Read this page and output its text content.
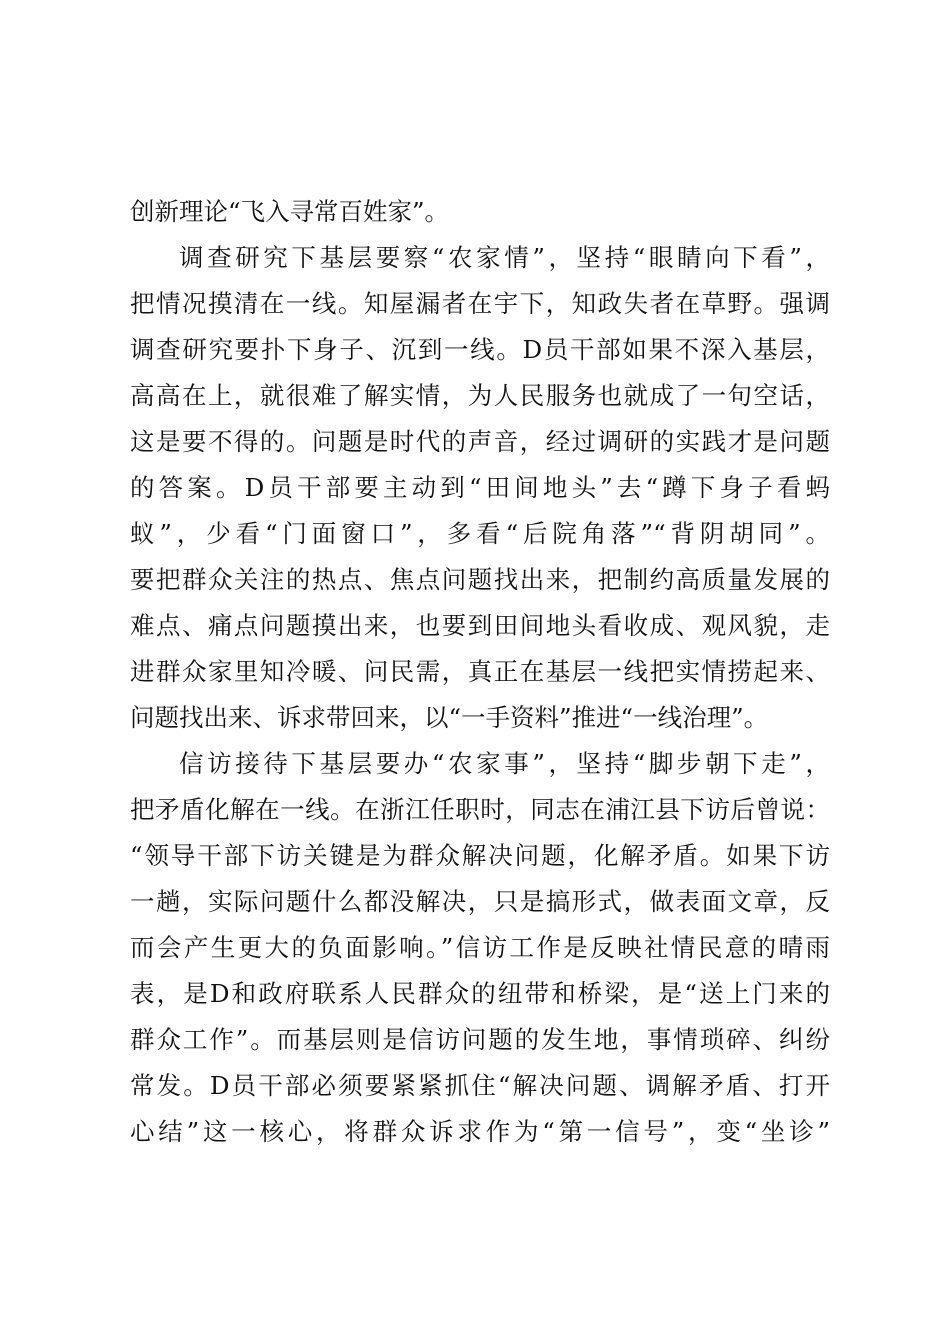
创新理论“飞入寻常百姓家”。
调查研究下基层要察“农家情”，坚持“眼睛向下看”，
把情况摸清在一线。知屋漏者在宇下，知政失者在草野。强调
调查研究要扑下身子、沉到一线。D员干部如果不深入基层，
高高在上，就很难了解实情，为人民服务也就成了一句空话，
这是要不得的。问题是时代的声音，经过调研的实践才是问题
的答案。D员干部要主动到“田间地头”去“蹲下身子看蚂
蚁”，少看“门面窗口”，多看“后院角落”“背阴胡同”。
要把群众关注的热点、焦点问题找出来，把制约高质量发展的
难点、痛点问题摸出来，也要到田间地头看收成、观风貌，走
进群众家里知冷暖、问民需，真正在基层一线把实情捞起来、
问题找出来、诉求带回来，以“一手资料”推进“一线治理”。
信访接待下基层要办“农家事”，坚持“脚步朝下走”，
把矛盾化解在一线。在浙江任职时，同志在浦江县下访后曾说：
“领导干部下访关键是为群众解决问题，化解矛盾。如果下访
一趟，实际问题什么都没解决，只是搞形式，做表面文章，反
而会产生更大的负面影响。”信访工作是反映社情民意的晴雨
表，是D和政府联系人民群众的纽带和桥梁，是“送上门来的
群众工作”。而基层则是信访问题的发生地，事情琐碎、纠纷
常发。D员干部必须要紧紧抓住“解决问题、调解矛盾、打开
心结”这一核心，将群众诉求作为“第一信号”，变“坐诊”
